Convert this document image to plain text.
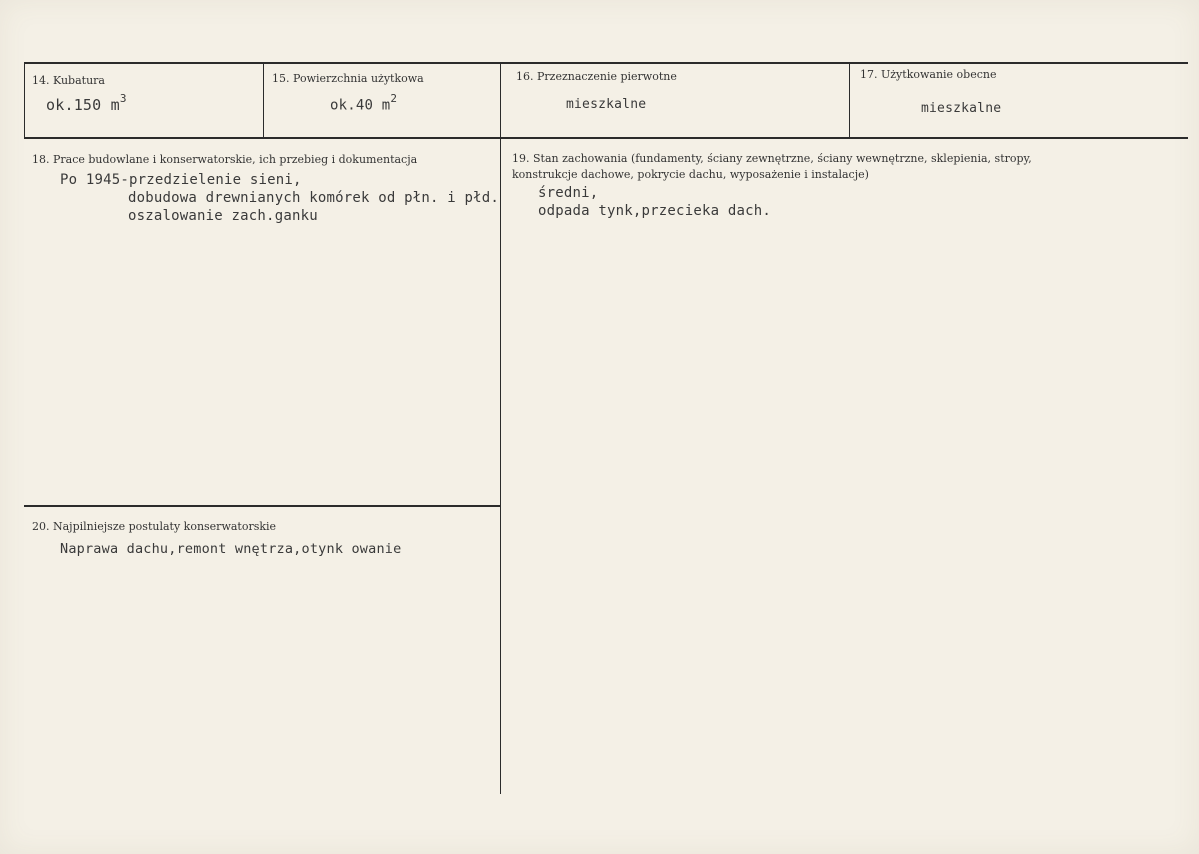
14. Kubatura
ok.150 $m^3$
15. Powierzchnia użytkowa
ok.40 $m^2$
16. Przeznaczenie pierwotne
mieszkalne
17. Użytkowanie obecne
mieszkalne
18. Prace budowlane i konserwatorskie, ich przebieg i dokumentacja
Po 1945-przedzielenie sieni,
dobudowa drewnianych komórek od płn. i płd.
oszalowanie zach.ganku
19. Stan zachowania (fundamenty, ściany zewnętrzne, ściany wewnętrzne, sklepienia, stropy,
konstrukcje dachowe, pokrycie dachu, wyposażenie i instalacje)
średni,
odpada tynk,przecieka dach.
20. Najpilniejsze postulaty konserwatorskie
Naprawa dachu,remont wnętrza,otynk owanie
